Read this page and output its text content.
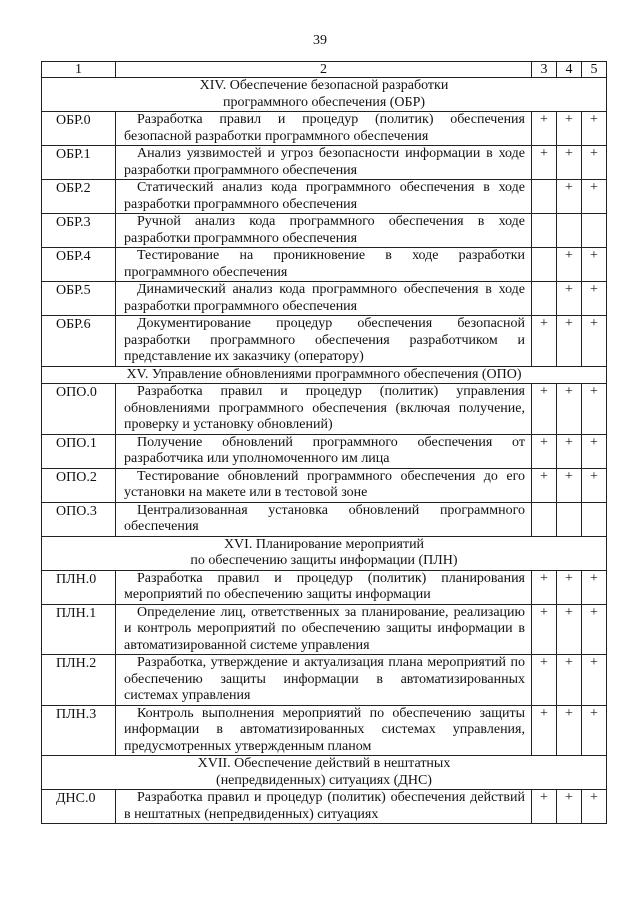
39
1	2	3	4	5
XIV. Обеспечение безопасной разработки
программного обеспечения (ОБР)				
ОБР.0	Разработка правил и процедур (политик) обеспечения безопасной разработки программного обеспечения	+	+	+
ОБР.1	Анализ уязвимостей и угроз безопасности информации в ходе разработки программного обеспечения	+	+	+
ОБР.2	Статический анализ кода программного обеспечения в ходе разработки программного обеспечения		+	+
ОБР.3	Ручной анализ кода программного обеспечения в ходе разработки программного обеспечения			
ОБР.4	Тестирование на проникновение в ходе разработки программного обеспечения		+	+
ОБР.5	Динамический анализ кода программного обеспечения в ходе разработки программного обеспечения		+	+
ОБР.6	Документирование процедур обеспечения безопасной разработки программного обеспечения разработчиком и представление их заказчику (оператору)	+	+	+
XV. Управление обновлениями программного обеспечения (ОПО)				
ОПО.0	Разработка правил и процедур (политик) управления обновлениями программного обеспечения (включая получение, проверку и установку обновлений)	+	+	+
ОПО.1	Получение обновлений программного обеспечения от разработчика или уполномоченного им лица	+	+	+
ОПО.2	Тестирование обновлений программного обеспечения до его установки на макете или в тестовой зоне	+	+	+
ОПО.3	Централизованная установка обновлений программного обеспечения			
XVI. Планирование мероприятий
по обеспечению защиты информации (ПЛН)				
ПЛН.0	Разработка правил и процедур (политик) планирования мероприятий по обеспечению защиты информации	+	+	+
ПЛН.1	Определение лиц, ответственных за планирование, реализацию и контроль мероприятий по обеспечению защиты информации в автоматизированной системе управления	+	+	+
ПЛН.2	Разработка, утверждение и актуализация плана мероприятий по обеспечению защиты информации в автоматизированных системах управления	+	+	+
ПЛН.3	Контроль выполнения мероприятий по обеспечению защиты информации в автоматизированных системах управления, предусмотренных утвержденным планом	+	+	+
XVII. Обеспечение действий в нештатных
(непредвиденных) ситуациях (ДНС)				
ДНС.0	Разработка правил и процедур (политик) обеспечения действий в нештатных (непредвиденных) ситуациях	+	+	+
